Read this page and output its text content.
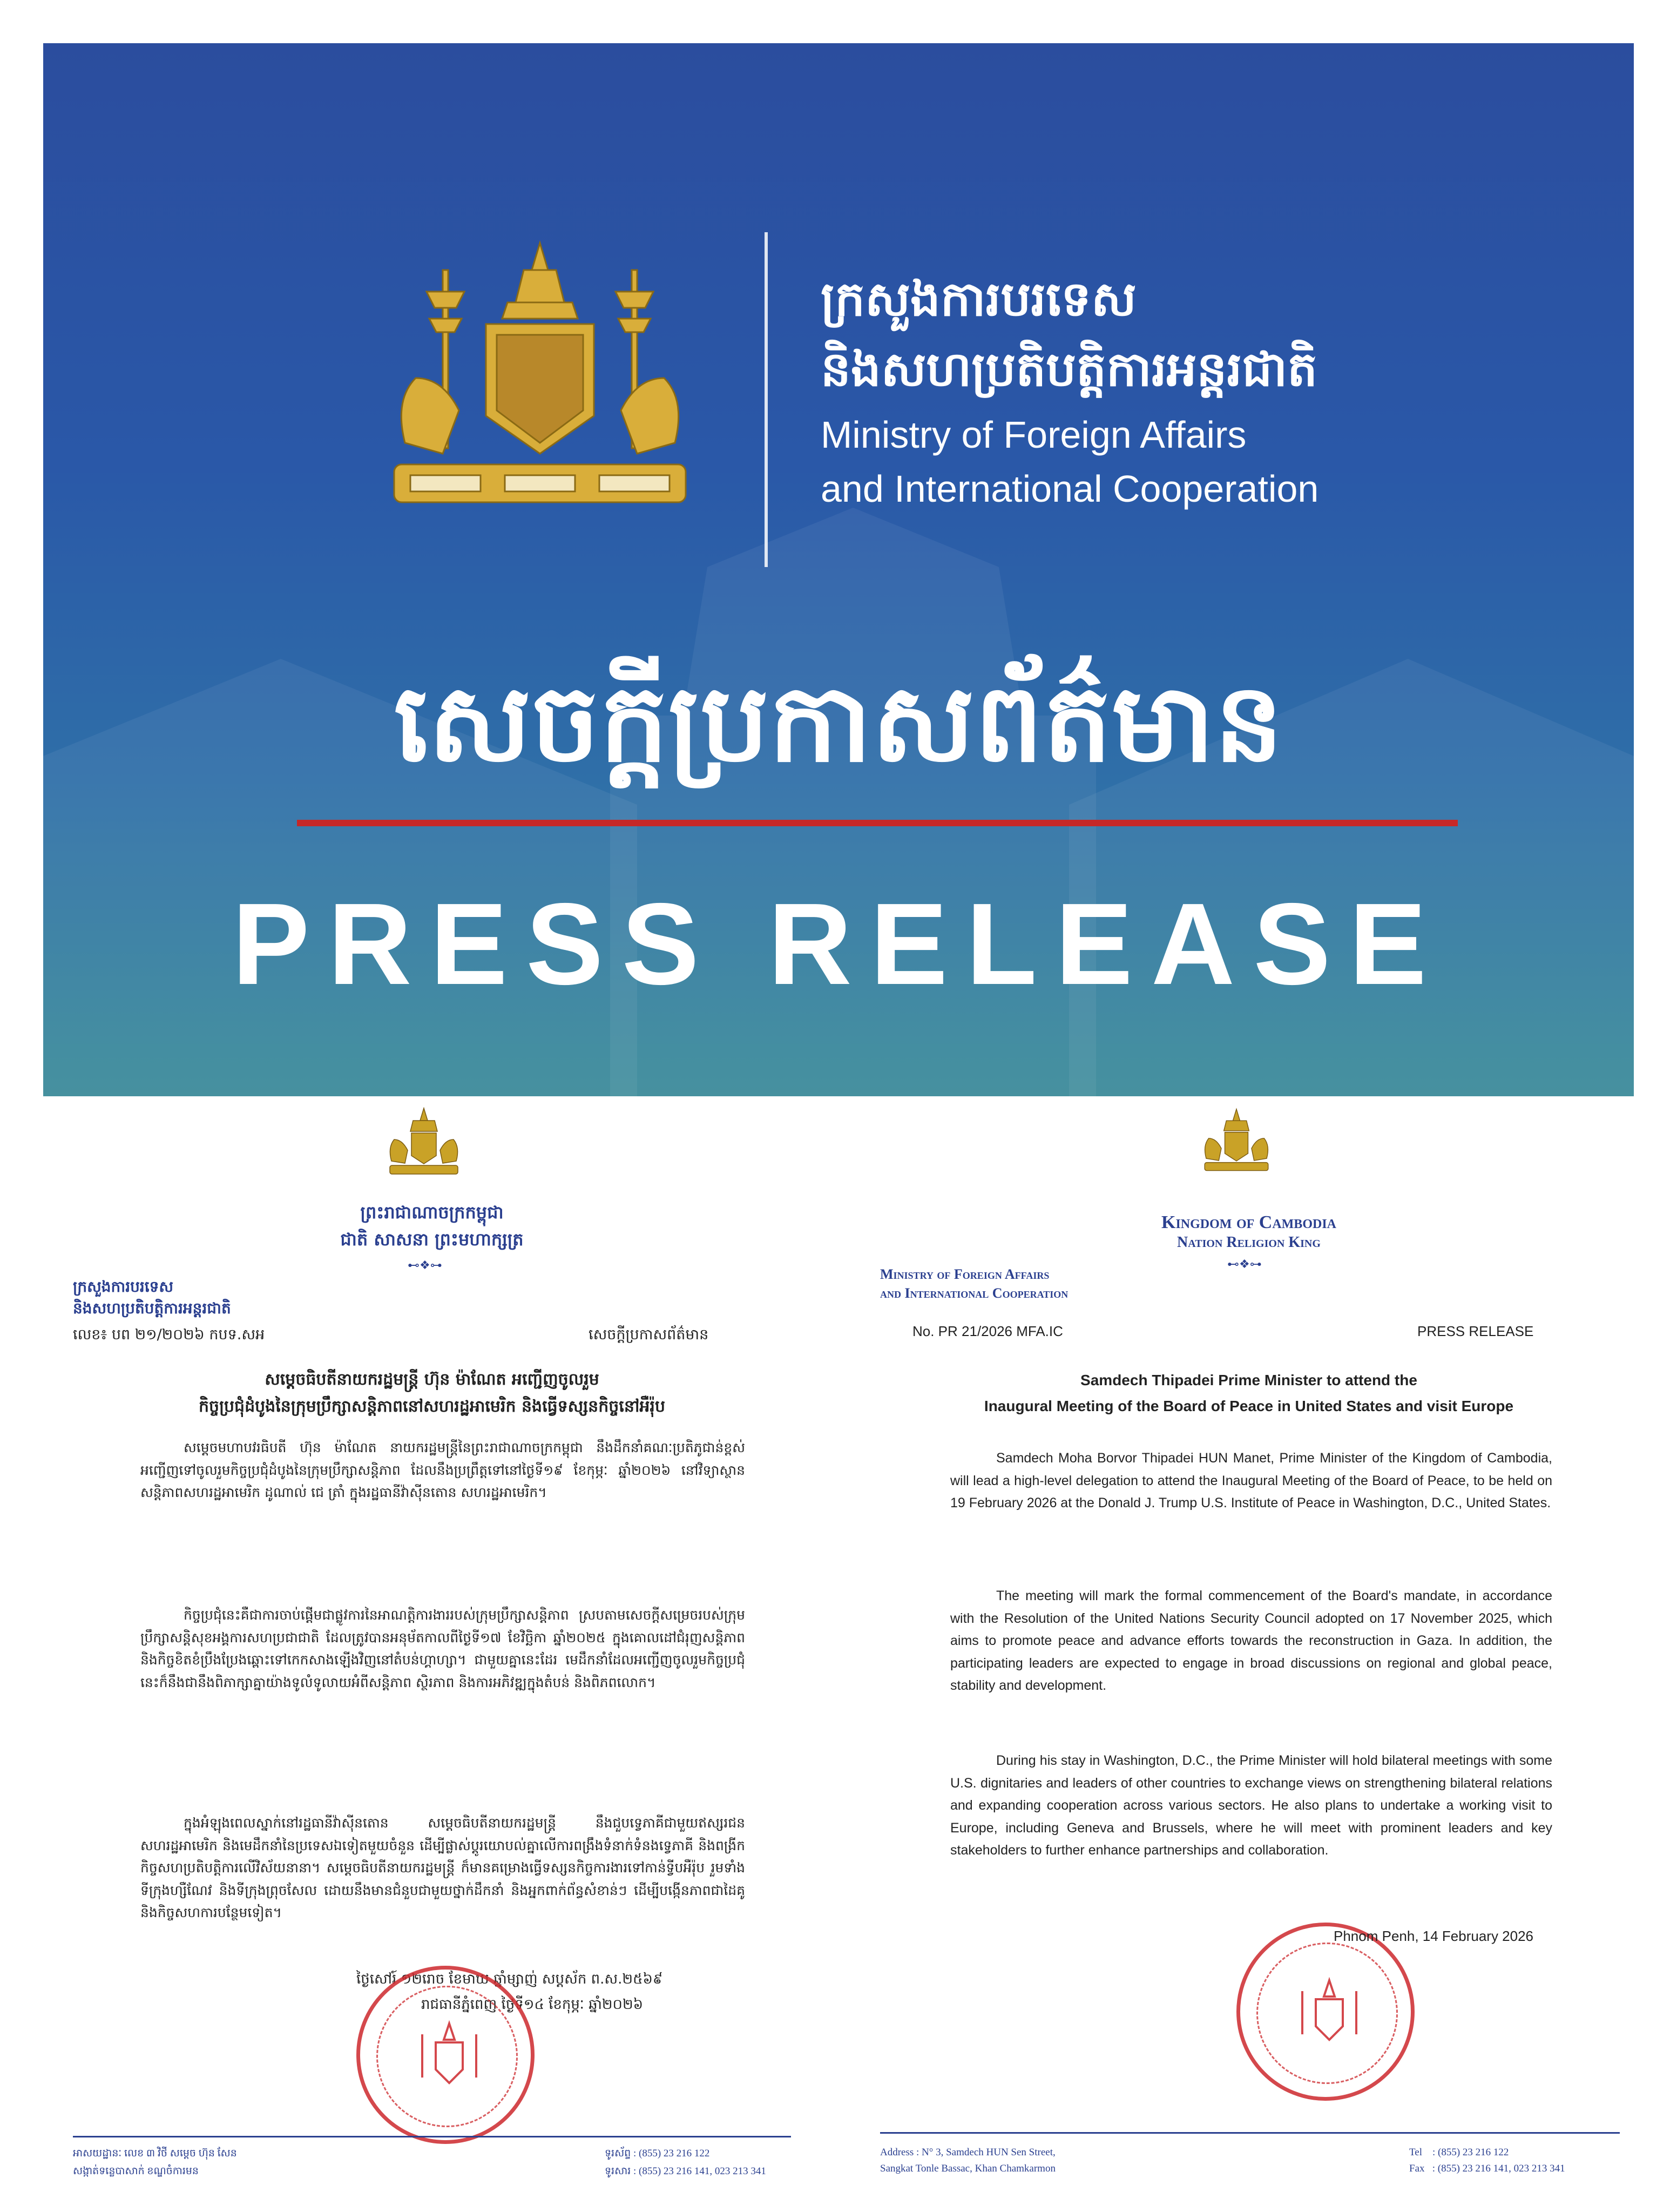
ក្រសួងការបរទេស
និងសហប្រតិបត្តិការអន្តរជាតិ
Ministry of Foreign Affairs
and International Cooperation
សេចក្តីប្រកាសព័ត៌មាន
PRESS RELEASE
ព្រះរាជាណាចក្រកម្ពុជា
ជាតិ សាសនា ព្រះមហាក្សត្រ
⊷❖⊶
ក្រសួងការបរទេស
និងសហប្រតិបត្តិការអន្តរជាតិ
លេខ៖ បព ២១/២០២៦ កបទ.សអ	សេចក្តីប្រកាសព័ត៌មាន
សម្តេចធិបតីនាយករដ្ឋមន្ត្រី ហ៊ុន ម៉ាណែត អញ្ជើញចូលរួម
កិច្ចប្រជុំដំបូងនៃក្រុមប្រឹក្សាសន្តិភាពនៅសហរដ្ឋអាមេរិក និងធ្វើទស្សនកិច្ចនៅអឺរ៉ុប
សម្តេចមហាបវរធិបតី ហ៊ុន ម៉ាណែត នាយករដ្ឋមន្ត្រីនៃព្រះរាជាណាចក្រកម្ពុជា នឹងដឹកនាំគណៈប្រតិភូជាន់ខ្ពស់អញ្ជើញទៅចូលរួមកិច្ចប្រជុំដំបូងនៃក្រុមប្រឹក្សាសន្តិភាព ដែលនឹងប្រព្រឹត្តទៅនៅថ្ងៃទី១៩ ខែកុម្ភៈ ឆ្នាំ២០២៦ នៅវិទ្យាស្ថានសន្តិភាពសហរដ្ឋអាមេរិក ដូណាល់ ជេ ត្រាំ ក្នុងរដ្ឋធានីវ៉ាស៊ីនតោន សហរដ្ឋអាមេរិក។
កិច្ចប្រជុំនេះគឺជាការចាប់ផ្តើមជាផ្លូវការនៃអាណត្តិការងាររបស់ក្រុមប្រឹក្សាសន្តិភាព ស្របតាមសេចក្តីសម្រេចរបស់ក្រុមប្រឹក្សាសន្តិសុខអង្គការសហប្រជាជាតិ ដែលត្រូវបានអនុម័តកាលពីថ្ងៃទី១៧ ខែវិច្ឆិកា ឆ្នាំ២០២៥ ក្នុងគោលដៅជំរុញសន្តិភាព និងកិច្ចខិតខំប្រឹងប្រែងឆ្ពោះទៅកេកសាងឡើងវិញនៅតំបន់ហ្គាហ្សា។ ជាមួយគ្នានេះដែរ មេដឹកនាំដែលអញ្ជើញចូលរួមកិច្ចប្រជុំនេះក៏នឹងជានឹងពិភាក្សាគ្នាយ៉ាងទូលំទូលាយអំពីសន្តិភាព ស្ថិរភាព និងការអភិវឌ្ឍក្នុងតំបន់ និងពិភពលោក។
ក្នុងអំឡុងពេលស្នាក់នៅរដ្ឋធានីវ៉ាស៊ីនតោន សម្តេចធិបតីនាយករដ្ឋមន្ត្រី នឹងជួបទ្វេភាគីជាមួយឥស្សរជនសហរដ្ឋអាមេរិក និងមេដឹកនាំនៃប្រទេសឯទៀតមួយចំនួន ដើម្បីផ្លាស់ប្តូរយោបល់គ្នាលើការពង្រឹងទំនាក់ទំនងទ្វេភាគី និងពង្រីកកិច្ចសហប្រតិបត្តិការលើវិស័យនានា។ សម្តេចធិបតីនាយករដ្ឋមន្ត្រី ក៏មានគម្រោងធ្វើទស្សនកិច្ចការងារទៅកាន់ទ្វីបអឺរ៉ុប រួមទាំងទីក្រុងហ្សឺណែវ និងទីក្រុងព្រុចសែល ដោយនឹងមានជំនួបជាមួយថ្នាក់ដឹកនាំ និងអ្នកពាក់ព័ន្ធសំខាន់ៗ ដើម្បីបង្កើនភាពជាដៃគូ និងកិច្ចសហការបន្ថែមទៀត។
ថ្ងៃសៅរ៍ ១២រោច ខែមាឃ ឆ្នាំម្សាញ់ សប្តស័ក ព.ស.២៥៦៩
រាជធានីភ្នំពេញ ថ្ងៃទី១៤ ខែកុម្ភៈ ឆ្នាំ២០២៦
អាសយដ្ឋានៈ លេខ ៣ វិថី សម្តេច ហ៊ុន សែន
សង្កាត់ទន្លេបាសាក់ ខណ្ឌចំការមន
ទូរស័ព្ទ : (855) 23 216 122
ទូរសារ : (855) 23 216 141, 023 213 341
Kingdom of Cambodia
Nation Religion King
⊷❖⊶
Ministry of Foreign Affairs
and International Cooperation
No. PR 21/2026 MFA.IC	PRESS RELEASE
Samdech Thipadei Prime Minister to attend the
Inaugural Meeting of the Board of Peace in United States and visit Europe
Samdech Moha Borvor Thipadei HUN Manet, Prime Minister of the Kingdom of Cambodia, will lead a high-level delegation to attend the Inaugural Meeting of the Board of Peace, to be held on 19 February 2026 at the Donald J. Trump U.S. Institute of Peace in Washington, D.C., United States.
The meeting will mark the formal commencement of the Board's mandate, in accordance with the Resolution of the United Nations Security Council adopted on 17 November 2025, which aims to promote peace and advance efforts towards the reconstruction in Gaza. In addition, the participating leaders are expected to engage in broad discussions on regional and global peace, stability and development.
During his stay in Washington, D.C., the Prime Minister will hold bilateral meetings with some U.S. dignitaries and leaders of other countries to exchange views on strengthening bilateral relations and expanding cooperation across various sectors. He also plans to undertake a working visit to Europe, including Geneva and Brussels, where he will meet with prominent leaders and key stakeholders to further enhance partnerships and collaboration.
Phnom Penh, 14 February 2026
Address : N° 3, Samdech HUN Sen Street,
Sangkat Tonle Bassac, Khan Chamkarmon
Tel    : (855) 23 216 122
Fax   : (855) 23 216 141, 023 213 341
